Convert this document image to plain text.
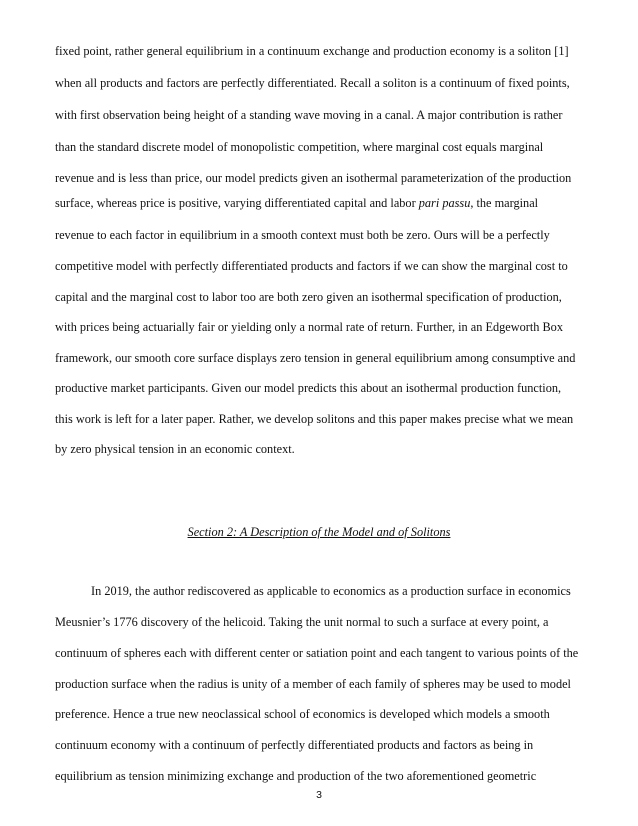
fixed point, rather general equilibrium in a continuum exchange and production economy is a soliton [1]
when all products and factors are perfectly differentiated. Recall a soliton is a continuum of fixed points,
with first observation being height of a standing wave moving in a canal. A major contribution is rather
than the standard discrete model of monopolistic competition, where marginal cost equals marginal
revenue and is less than price, our model predicts given an isothermal parameterization of the production
surface, whereas price is positive, varying differentiated capital and labor pari passu, the marginal
revenue to each factor in equilibrium in a smooth context must both be zero. Ours will be a perfectly
competitive model with perfectly differentiated products and factors if we can show the marginal cost to
capital and the marginal cost to labor too are both zero given an isothermal specification of production,
with prices being actuarially fair or yielding only a normal rate of return. Further, in an Edgeworth Box
framework, our smooth core surface displays zero tension in general equilibrium among consumptive and
productive market participants. Given our model predicts this about an isothermal production function,
this work is left for a later paper. Rather, we develop solitons and this paper makes precise what we mean
by zero physical tension in an economic context.
Section 2: A Description of the Model and of Solitons
In 2019, the author rediscovered as applicable to economics as a production surface in economics
Meusnier’s 1776 discovery of the helicoid. Taking the unit normal to such a surface at every point, a
continuum of spheres each with different center or satiation point and each tangent to various points of the
production surface when the radius is unity of a member of each family of spheres may be used to model
preference. Hence a true new neoclassical school of economics is developed which models a smooth
continuum economy with a continuum of perfectly differentiated products and factors as being in
equilibrium as tension minimizing exchange and production of the two aforementioned geometric
3
